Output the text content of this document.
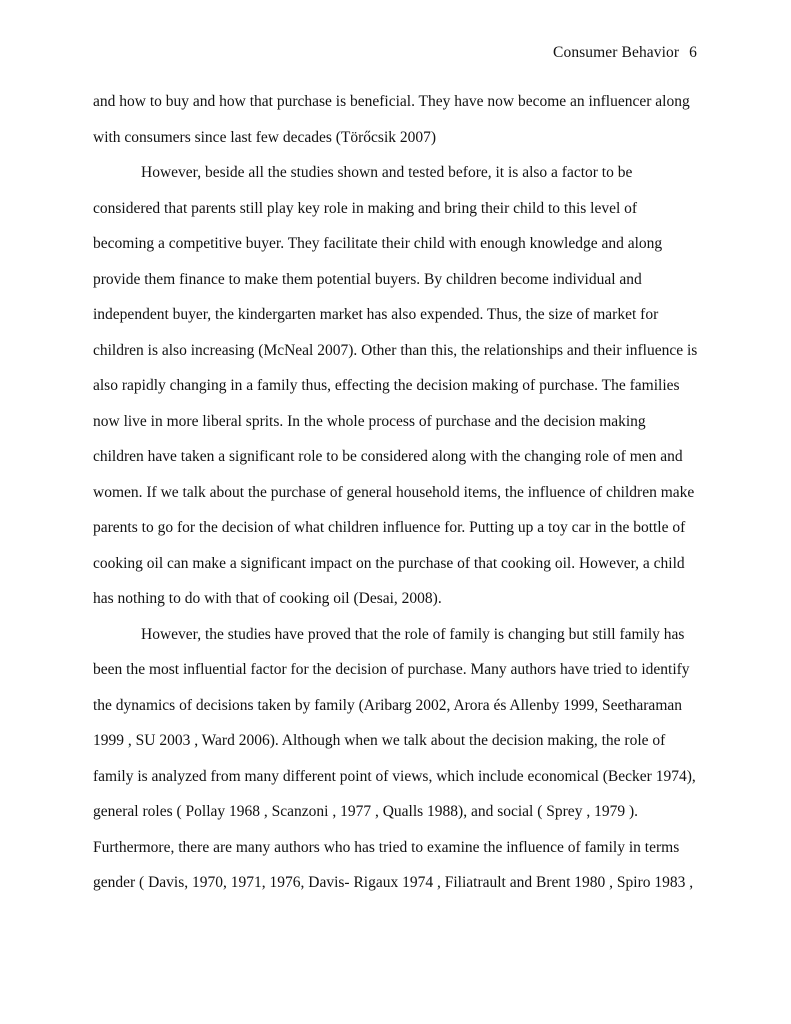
Consumer Behavior 6
and how to buy and how that purchase is beneficial. They have now become an influencer along
with consumers since last few decades (Törőcsik 2007)
However, beside all the studies shown and tested before, it is also a factor to be
considered that parents still play key role in making and bring their child to this level of
becoming a competitive buyer. They facilitate their child with enough knowledge and along
provide them finance to make them potential buyers. By children become individual and
independent buyer, the kindergarten market has also expended. Thus, the size of market for
children is also increasing (McNeal 2007). Other than this, the relationships and their influence is
also rapidly changing in a family thus, effecting the decision making of purchase. The families
now live in more liberal sprits. In the whole process of purchase and the decision making
children have taken a significant role to be considered along with the changing role of men and
women. If we talk about the purchase of general household items, the influence of children make
parents to go for the decision of what children influence for. Putting up a toy car in the bottle of
cooking oil can make a significant impact on the purchase of that cooking oil. However, a child
has nothing to do with that of cooking oil (Desai, 2008).
However, the studies have proved that the role of family is changing but still family has
been the most influential factor for the decision of purchase. Many authors have tried to identify
the dynamics of decisions taken by family (Aribarg 2002, Arora és Allenby 1999, Seetharaman
1999 , SU 2003 , Ward 2006). Although when we talk about the decision making, the role of
family is analyzed from many different point of views, which include economical (Becker 1974),
general roles ( Pollay 1968 , Scanzoni , 1977 , Qualls 1988), and social ( Sprey , 1979 ).
Furthermore, there are many authors who has tried to examine the influence of family in terms
gender ( Davis, 1970, 1971, 1976, Davis- Rigaux 1974 , Filiatrault and Brent 1980 , Spiro 1983 ,
